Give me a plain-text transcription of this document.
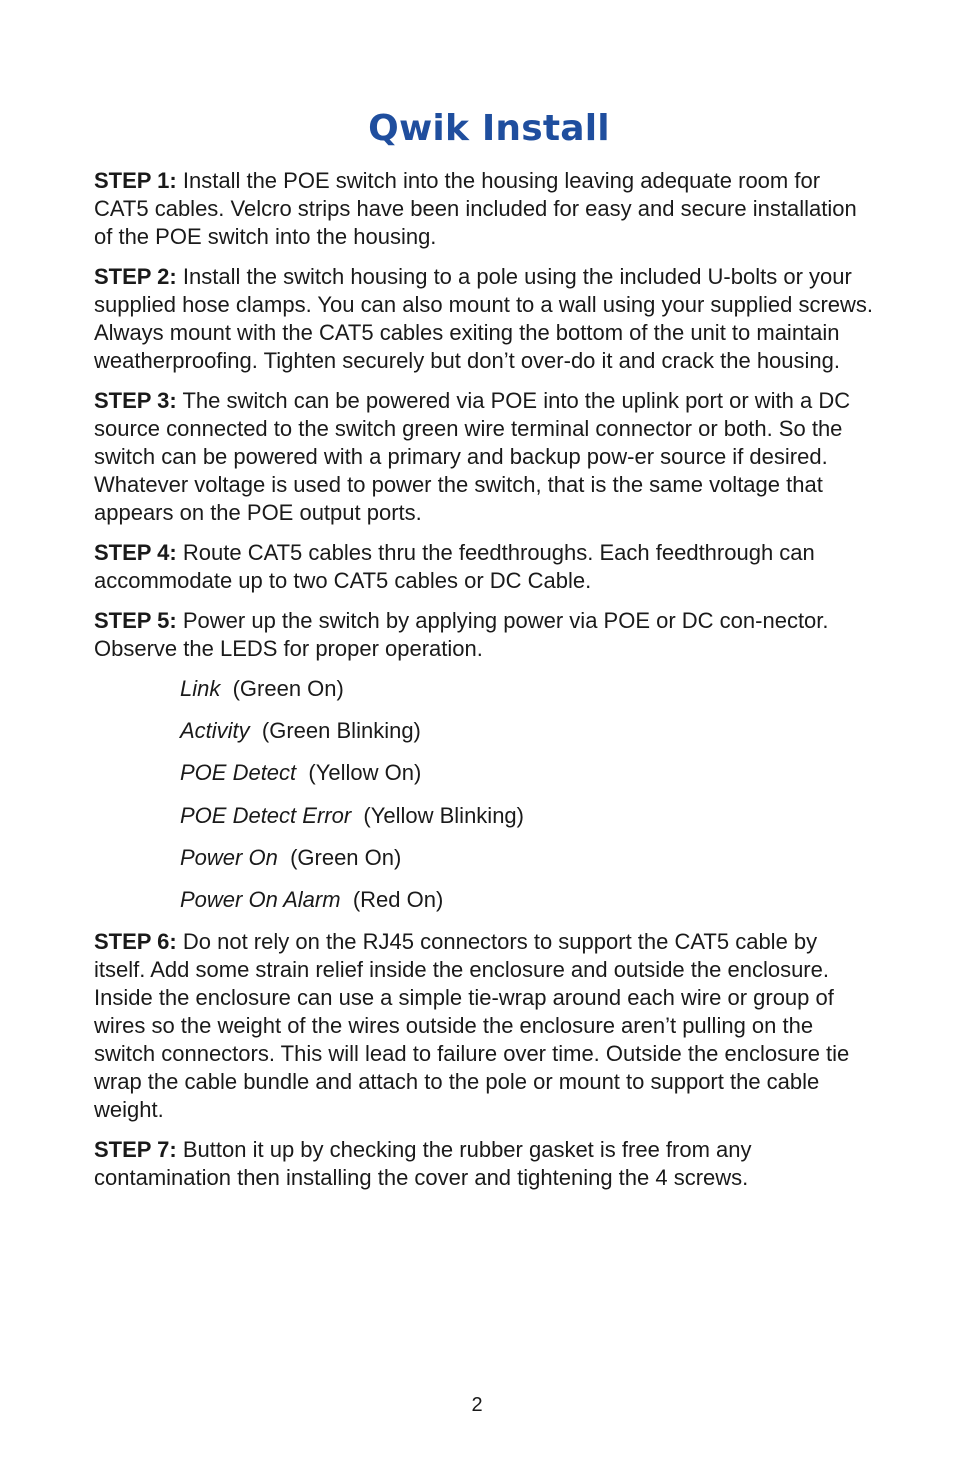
Qwik Install

STEP 1: Install the POE switch into the housing leaving adequate room for CAT5 cables. Velcro strips have been included for easy and secure installation of the POE switch into the housing.

STEP 2: Install the switch housing to a pole using the included U-bolts or your supplied hose clamps. You can also mount to a wall using your supplied screws. Always mount with the CAT5 cables exiting the bottom of the unit to maintain weatherproofing. Tighten securely but don’t over-do it and crack the housing.

STEP 3: The switch can be powered via POE into the uplink port or with a DC source connected to the switch green wire terminal connector or both. So the switch can be powered with a primary and backup pow-er source if desired. Whatever voltage is used to power the switch, that is the same voltage that appears on the POE output ports.

STEP 4: Route CAT5 cables thru the feedthroughs. Each feedthrough can accommodate up to two CAT5 cables or DC Cable.

STEP 5: Power up the switch by applying power via POE or DC con-nector. Observe the LEDS for proper operation.

Link (Green On)
Activity (Green Blinking)
POE Detect (Yellow On)
POE Detect Error (Yellow Blinking)
Power On (Green On)
Power On Alarm (Red On)

STEP 6: Do not rely on the RJ45 connectors to support the CAT5 cable by itself. Add some strain relief inside the enclosure and outside the enclosure. Inside the enclosure can use a simple tie-wrap around each wire or group of wires so the weight of the wires outside the enclosure aren’t pulling on the switch connectors. This will lead to failure over time. Outside the enclosure tie wrap the cable bundle and attach to the pole or mount to support the cable weight.

STEP 7: Button it up by checking the rubber gasket is free from any contamination then installing the cover and tightening the 4 screws.

2
